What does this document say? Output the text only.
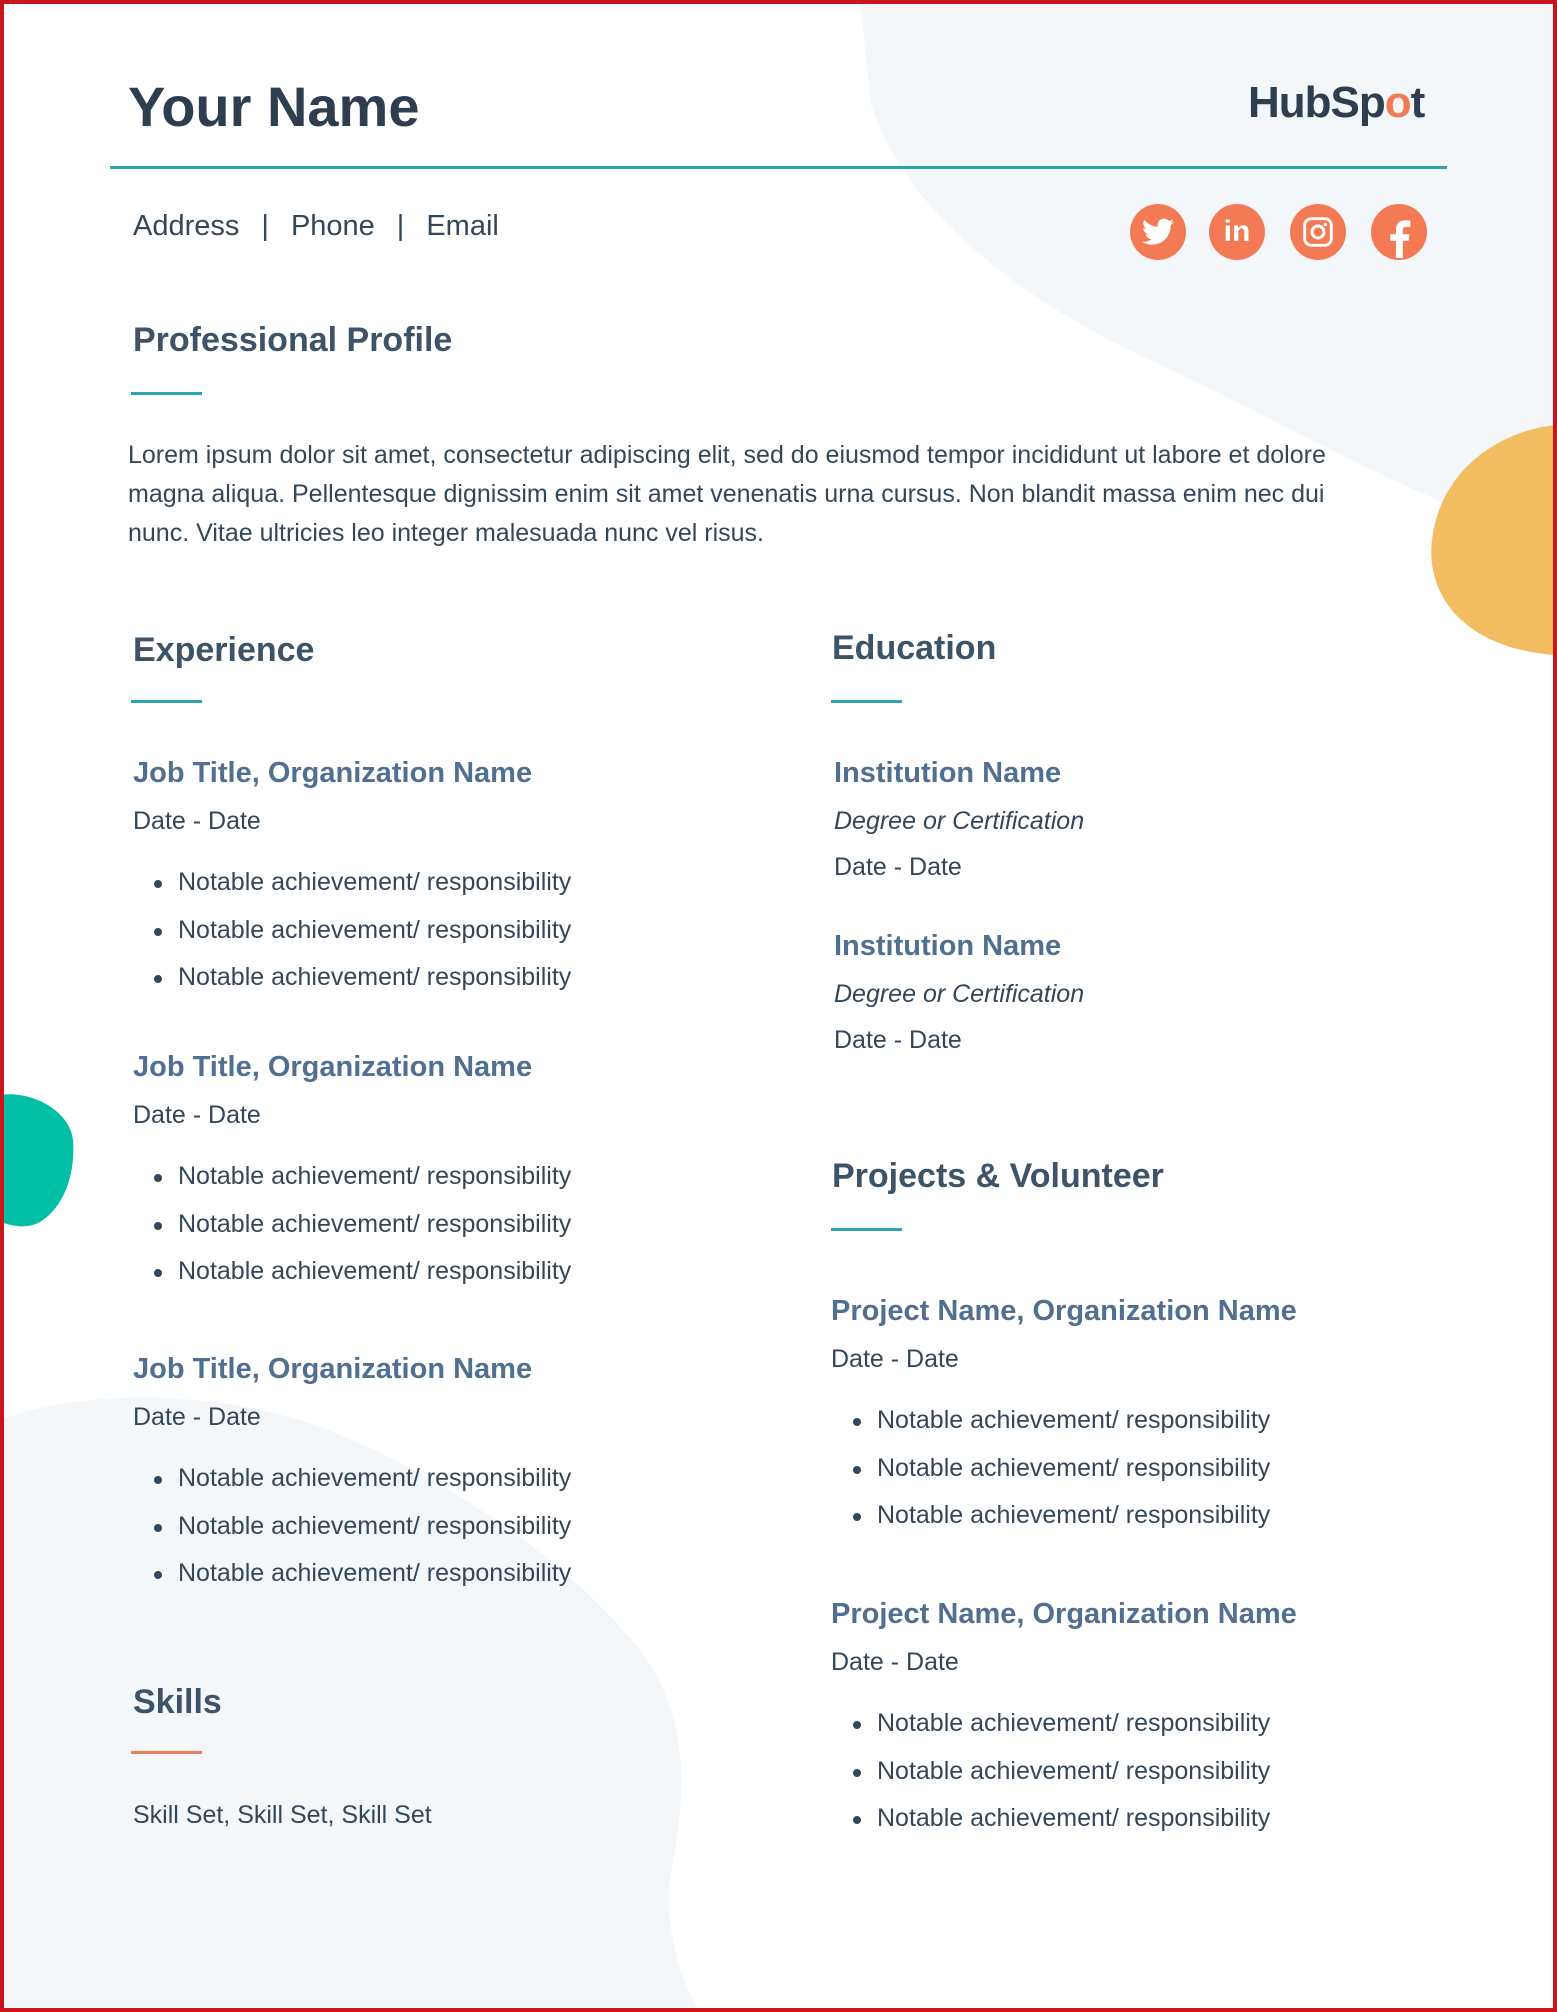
Your Name	HubSpot
Address | Phone | Email	in
Professional Profile
Lorem ipsum dolor sit amet, consectetur adipiscing elit, sed do eiusmod tempor incididunt ut labore et dolore magna aliqua. Pellentesque dignissim enim sit amet venenatis urna cursus. Non blandit massa enim nec dui nunc. Vitae ultricies leo integer malesuada nunc vel risus.
Experience
Job Title, Organization Name
Date - Date
Notable achievement/ responsibility
Notable achievement/ responsibility
Notable achievement/ responsibility
Job Title, Organization Name
Date - Date
Notable achievement/ responsibility
Notable achievement/ responsibility
Notable achievement/ responsibility
Job Title, Organization Name
Date - Date
Notable achievement/ responsibility
Notable achievement/ responsibility
Notable achievement/ responsibility
Education
Institution Name
Degree or Certification
Date - Date
Institution Name
Degree or Certification
Date - Date
Projects & Volunteer
Project Name, Organization Name
Date - Date
Notable achievement/ responsibility
Notable achievement/ responsibility
Notable achievement/ responsibility
Project Name, Organization Name
Date - Date
Notable achievement/ responsibility
Notable achievement/ responsibility
Notable achievement/ responsibility
Skills
Skill Set, Skill Set, Skill Set
